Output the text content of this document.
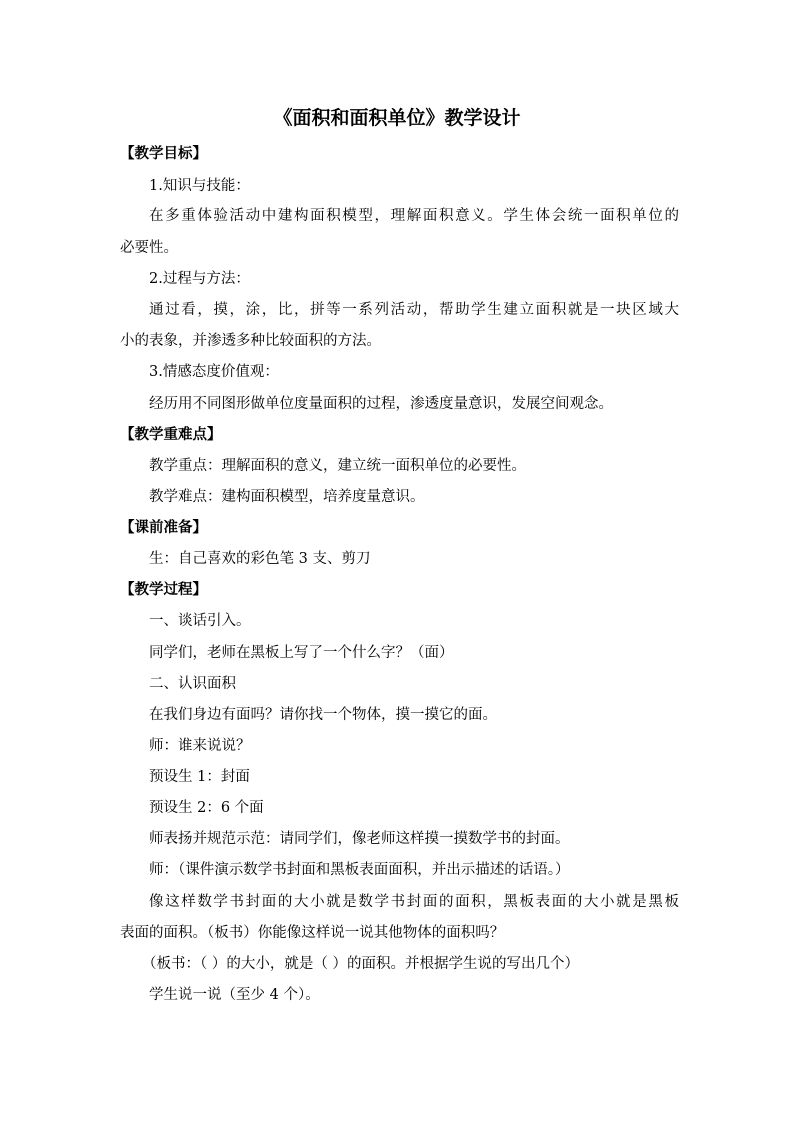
《面积和面积单位》教学设计
【教学目标】
1.知识与技能：
在多重体验活动中建构面积模型，理解面积意义。学生体会统一面积单位的
必要性。
2.过程与方法：
通过看，摸，涂，比，拼等一系列活动，帮助学生建立面积就是一块区域大
小的表象，并渗透多种比较面积的方法。
3.情感态度价值观：
经历用不同图形做单位度量面积的过程，渗透度量意识，发展空间观念。
【教学重难点】
教学重点：理解面积的意义，建立统一面积单位的必要性。
教学难点：建构面积模型，培养度量意识。
【课前准备】
生：自己喜欢的彩色笔 3 支、剪刀
【教学过程】
一、谈话引入。
同学们，老师在黑板上写了一个什么字？（面）
二、认识面积
在我们身边有面吗？请你找一个物体，摸一摸它的面。
师：谁来说说？
预设生 1：封面
预设生 2：6 个面
师表扬并规范示范：请同学们，像老师这样摸一摸数学书的封面。
师：（课件演示数学书封面和黑板表面面积，并出示描述的话语。）
像这样数学书封面的大小就是数学书封面的面积，黑板表面的大小就是黑板
表面的面积。（板书）你能像这样说一说其他物体的面积吗？
（板书：（ ）的大小，就是（ ）的面积。并根据学生说的写出几个）
学生说一说（至少 4 个）。
